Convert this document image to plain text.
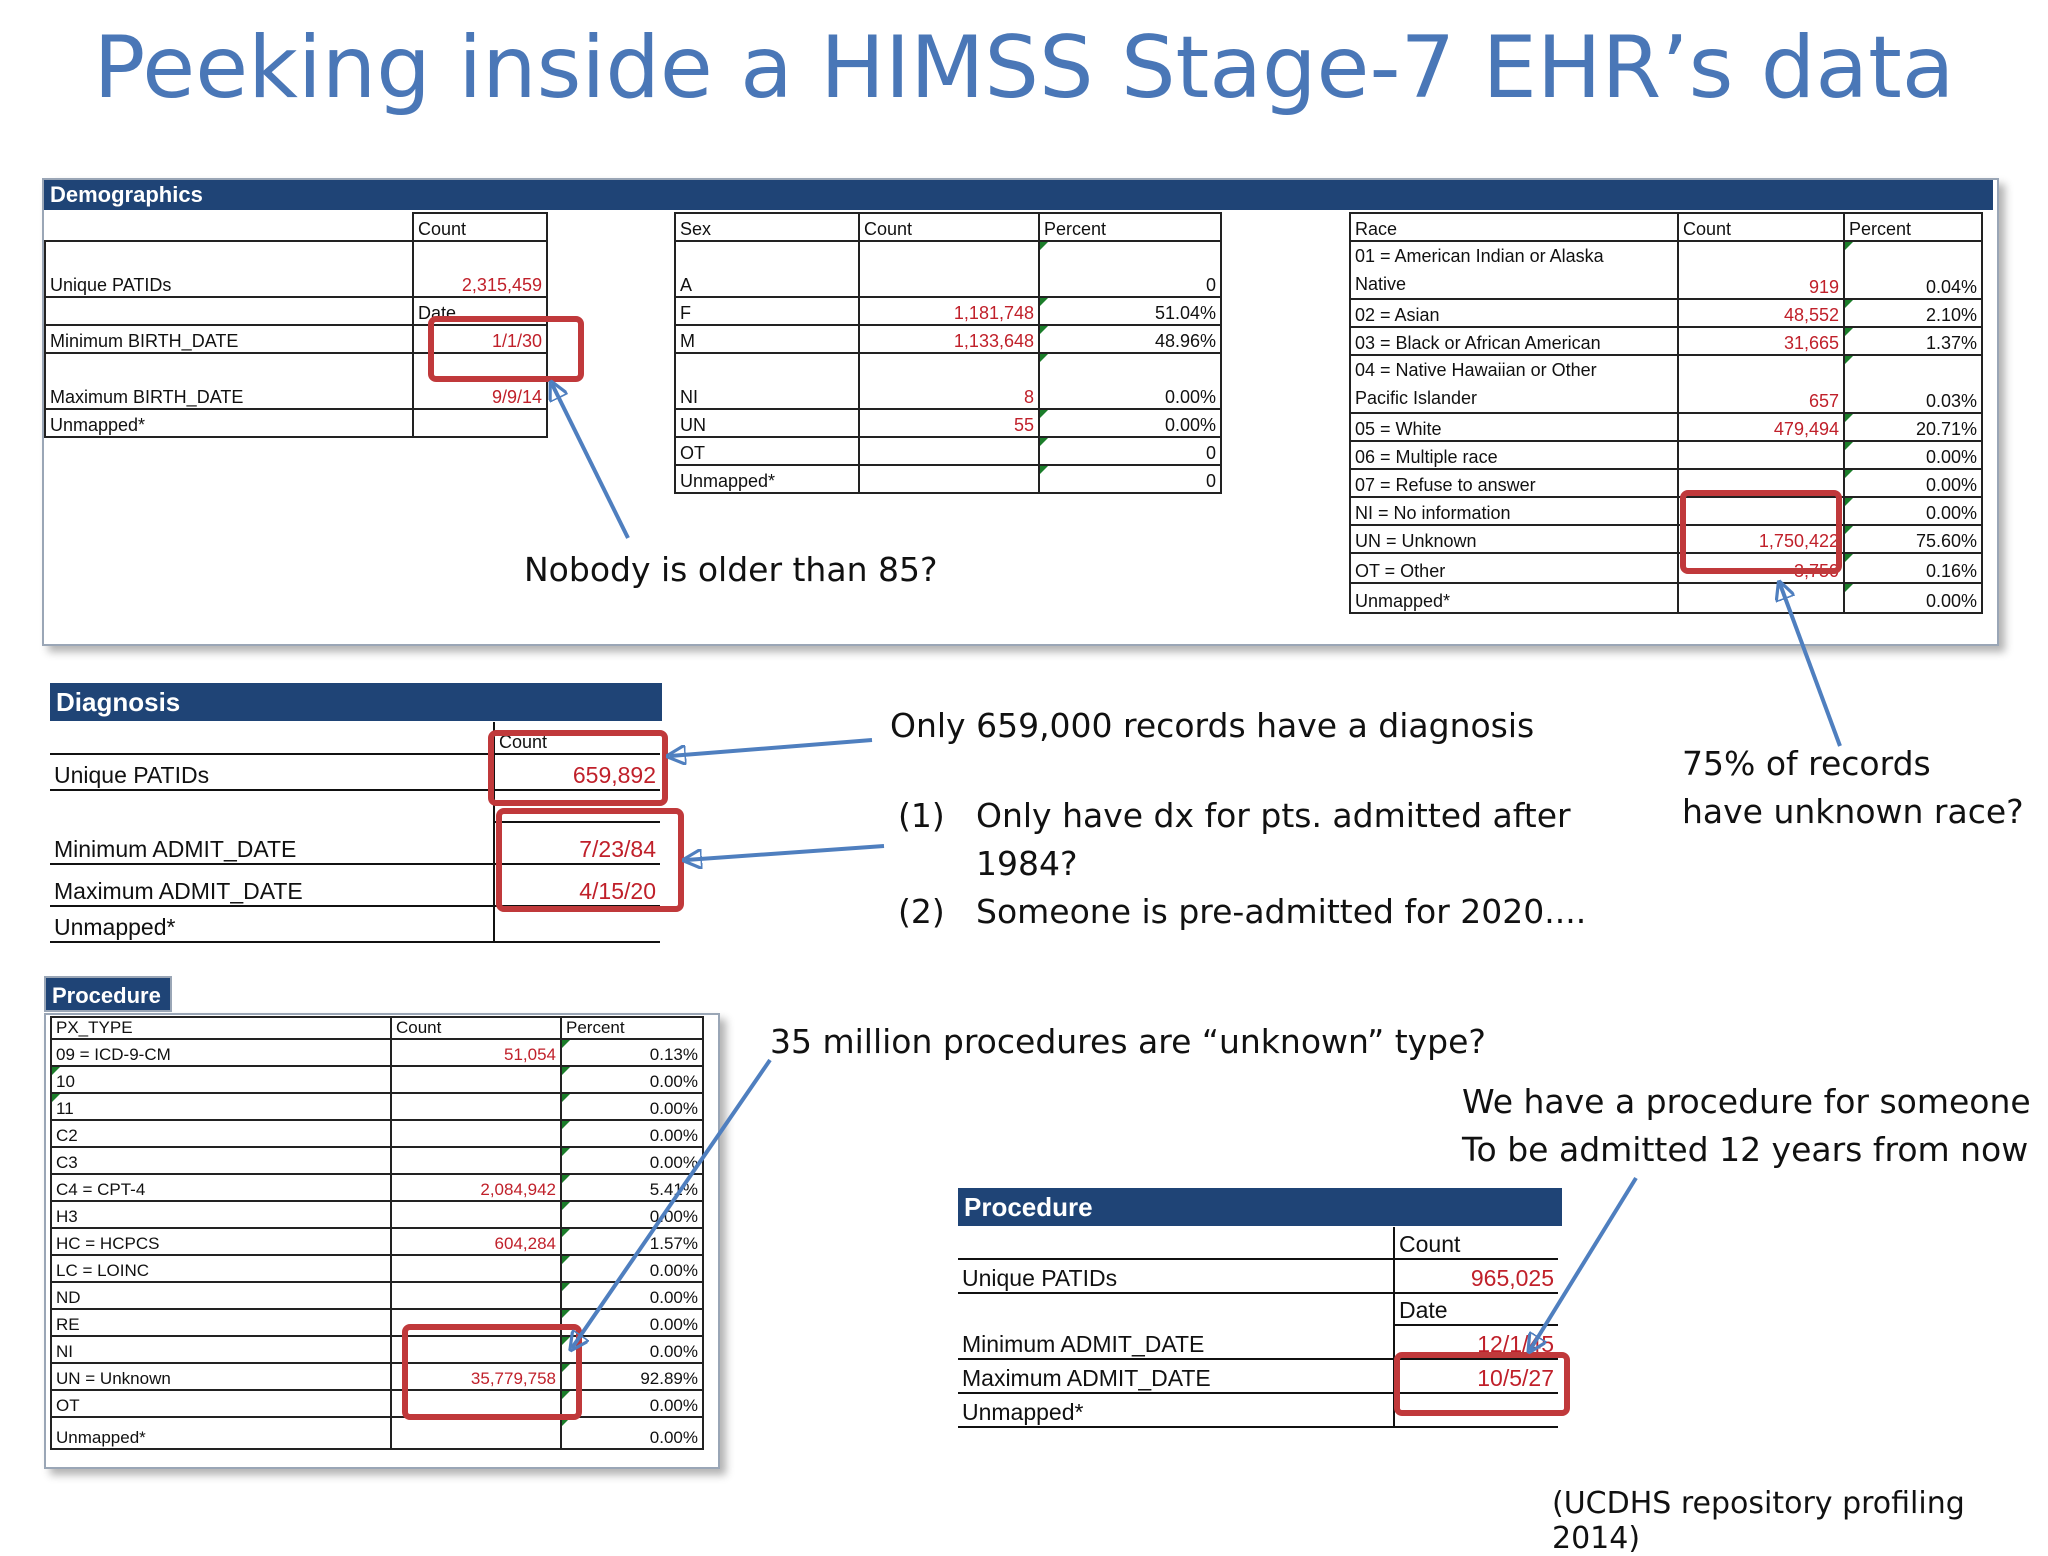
Peeking inside a HIMSS Stage-7 EHR’s data
Demographics
	Count
Unique PATIDs	2,315,459
	Date
Minimum BIRTH_DATE	1/1/30
Maximum BIRTH_DATE	9/9/14
Unmapped*	
Sex	Count	Percent
A		0
F	1,181,748	51.04%
M	1,133,648	48.96%
NI	8	0.00%
UN	55	0.00%
OT		0
Unmapped*		0
Race	Count	Percent

01 = American Indian or Alaska
Native	919	0.04%
02 = Asian	48,552	2.10%
03 = Black or African American	31,665	1.37%

04 = Native Hawaiian or Other
Pacific Islander	657	0.03%
05 = White	479,494	20.71%
06 = Multiple race		0.00%
07 = Refuse to answer		0.00%
NI = No information		0.00%
UN = Unknown	1,750,422	75.60%
OT = Other	3,750	0.16%
Unmapped*		0.00%
Diagnosis
	Count
Unique PATIDs	659,892

Minimum ADMIT_DATE	7/23/84
Maximum ADMIT_DATE	4/15/20
Unmapped*	
Procedure
PX_TYPE	Count	Percent
09 = ICD-9-CM	51,054	0.13%
10		0.00%
11		0.00%
C2		0.00%
C3		0.00%
C4 = CPT-4	2,084,942	5.41%
H3		0.00%
HC = HCPCS	604,284	1.57%
LC = LOINC		0.00%
ND		0.00%
RE		0.00%
NI		0.00%
UN = Unknown	35,779,758	92.89%
OT		0.00%
Unmapped*		0.00%
Procedure
	Count
Unique PATIDs	965,025
	Date
Minimum ADMIT_DATE	12/1/45
Maximum ADMIT_DATE	10/5/27
Unmapped*	
Nobody is older than 85?
Only 659,000 records have a diagnosis
(1) Only have dx for pts. admitted after
1984?
(2) Someone is pre-admitted for 2020....
75% of records
have unknown race?
35 million procedures are “unknown” type?
We have a procedure for someone
To be admitted 12 years from now
(UCDHS repository profiling 2014)
